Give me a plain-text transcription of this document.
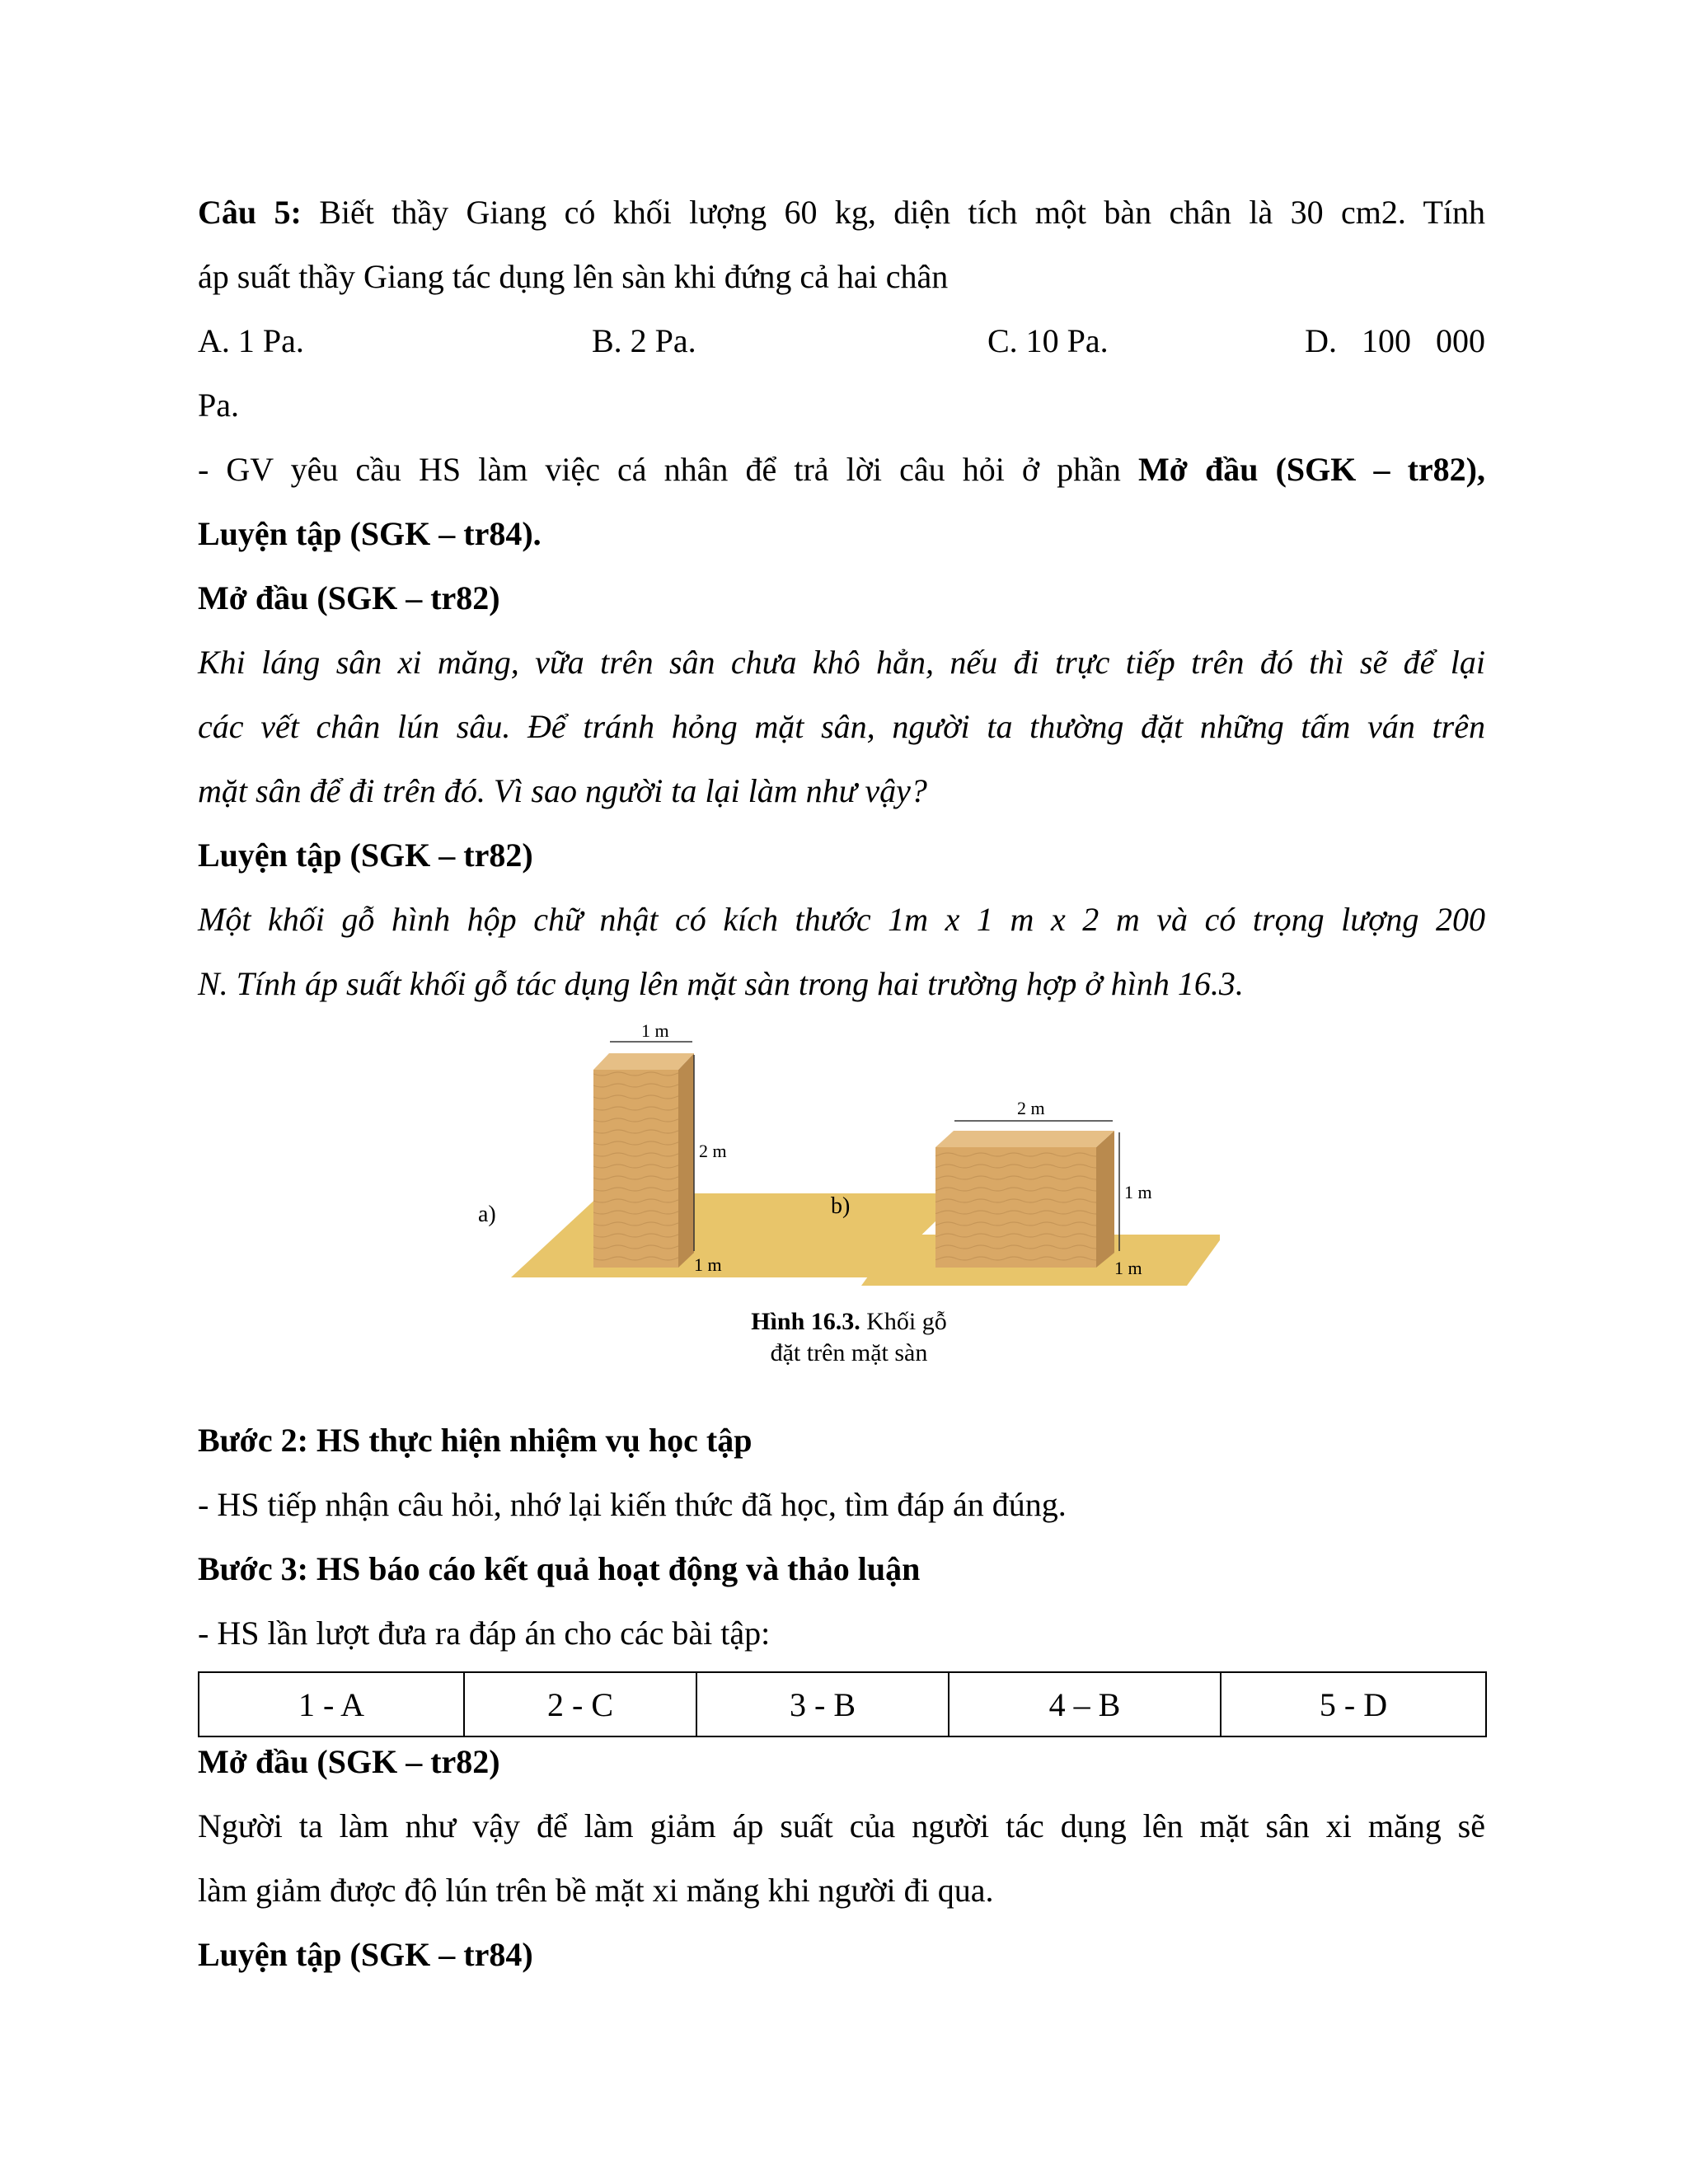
Câu 5: Biết thầy Giang có khối lượng 60 kg, diện tích một bàn chân là 30 cm2. Tính
áp suất thầy Giang tác dụng lên sàn khi đứng cả hai chân
A. 1 Pa.	B. 2 Pa.	C. 10 Pa.	D.   100   000
Pa.
- GV yêu cầu HS làm việc cá nhân để trả lời câu hỏi ở phần Mở đầu (SGK – tr82),
Luyện tập (SGK – tr84).
Mở đầu (SGK – tr82)
Khi láng sân xi măng, vữa trên sân chưa khô hẳn, nếu đi trực tiếp trên đó thì sẽ để lại
các vết chân lún sâu. Để tránh hỏng mặt sân, người ta thường đặt những tấm ván trên
mặt sân để đi trên đó. Vì sao người ta lại làm như vậy?
Luyện tập (SGK – tr82)
Một khối gỗ hình hộp chữ nhật có kích thước 1m x 1 m x 2 m và có trọng lượng 200
N. Tính áp suất khối gỗ tác dụng lên mặt sàn trong hai trường hợp ở hình 16.3.
1 m
2 m
1 m
a)
2 m
1 m
1 m
b)
Hình 16.3. Khối gỗ
đặt trên mặt sàn
Bước 2: HS thực hiện nhiệm vụ học tập
- HS tiếp nhận câu hỏi, nhớ lại kiến thức đã học, tìm đáp án đúng.
Bước 3: HS báo cáo kết quả hoạt động và thảo luận
- HS lần lượt đưa ra đáp án cho các bài tập:
1 - A	2 - C	3 - B	4 – B	5 - D
Mở đầu (SGK – tr82)
Người ta làm như vậy để làm giảm áp suất của người tác dụng lên mặt sân xi măng sẽ
làm giảm được độ lún trên bề mặt xi măng khi người đi qua.
Luyện tập (SGK – tr84)
